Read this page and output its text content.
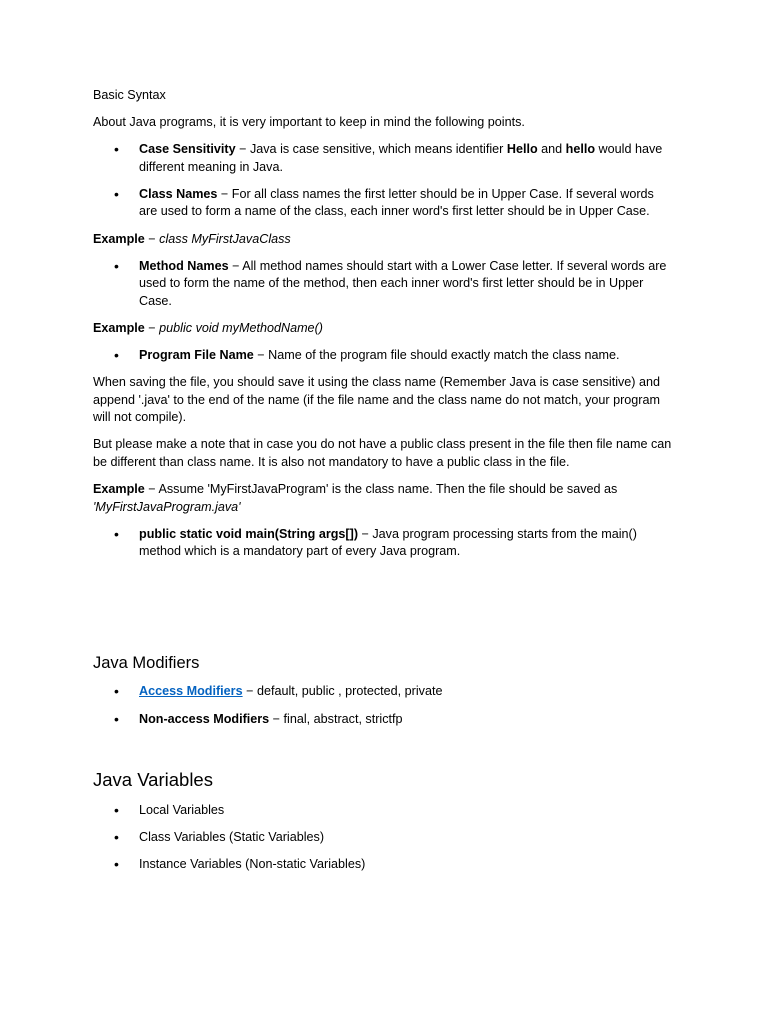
Basic Syntax

About Java programs, it is very important to keep in mind the following points.

• Case Sensitivity − Java is case sensitive, which means identifier Hello and hello would have different meaning in Java.
• Class Names − For all class names the first letter should be in Upper Case. If several words are used to form a name of the class, each inner word's first letter should be in Upper Case.

Example − class MyFirstJavaClass

• Method Names − All method names should start with a Lower Case letter. If several words are used to form the name of the method, then each inner word's first letter should be in Upper Case.

Example − public void myMethodName()

• Program File Name − Name of the program file should exactly match the class name.

When saving the file, you should save it using the class name (Remember Java is case sensitive) and append '.java' to the end of the name (if the file name and the class name do not match, your program will not compile).

But please make a note that in case you do not have a public class present in the file then file name can be different than class name. It is also not mandatory to have a public class in the file.

Example − Assume 'MyFirstJavaProgram' is the class name. Then the file should be saved as 'MyFirstJavaProgram.java'

• public static void main(String args[]) − Java program processing starts from the main() method which is a mandatory part of every Java program.

Java Modifiers

• Access Modifiers − default, public , protected, private
• Non-access Modifiers − final, abstract, strictfp

Java Variables

• Local Variables
• Class Variables (Static Variables)
• Instance Variables (Non-static Variables)
